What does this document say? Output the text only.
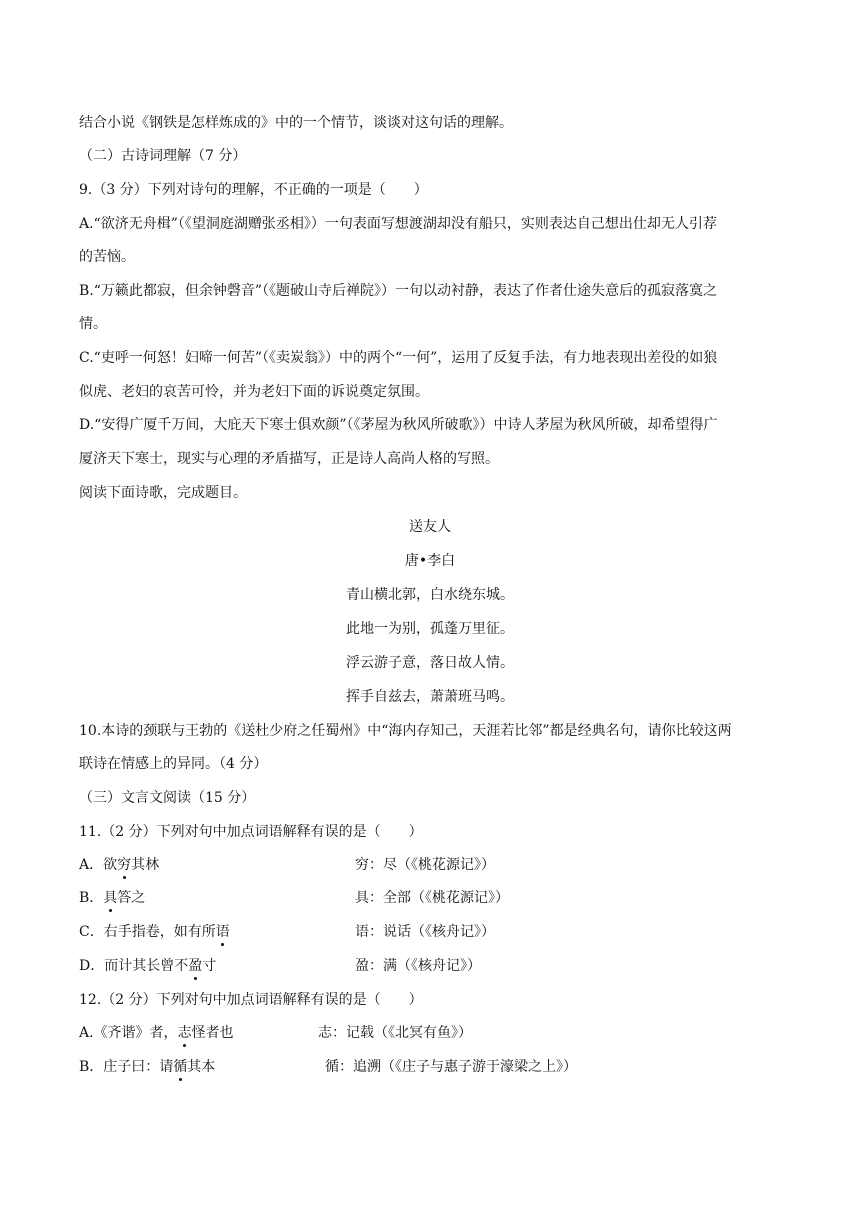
结合小说《钢铁是怎样炼成的》中的一个情节，谈谈对这句话的理解。
（二）古诗词理解（7 分）
9.（3 分）下列对诗句的理解，不正确的一项是（　　）
A.“欲济无舟楫”（《望洞庭湖赠张丞相》）一句表面写想渡湖却没有船只，实则表达自己想出仕却无人引荐
的苦恼。
B.“万籁此都寂，但余钟磬音”（《题破山寺后禅院》）一句以动衬静，表达了作者仕途失意后的孤寂落寞之
情。
C.“吏呼一何怒！妇啼一何苦”（《卖炭翁》）中的两个“一何”，运用了反复手法，有力地表现出差役的如狼
似虎、老妇的哀苦可怜，并为老妇下面的诉说奠定氛围。
D.“安得广厦千万间，大庇天下寒士俱欢颜”（《茅屋为秋风所破歌》）中诗人茅屋为秋风所破，却希望得广
厦济天下寒士，现实与心理的矛盾描写，正是诗人高尚人格的写照。
阅读下面诗歌，完成题目。
送友人
唐•李白
青山横北郭，白水绕东城。
此地一为别，孤蓬万里征。
浮云游子意，落日故人情。
挥手自兹去，萧萧班马鸣。
10.本诗的颈联与王勃的《送杜少府之任蜀州》中“海内存知己，天涯若比邻”都是经典名句，请你比较这两
联诗在情感上的异同。（4 分）
（三）文言文阅读（15 分）
11.（2 分）下列对句中加点词语解释有误的是（　　）
A．欲穷其林	穷：尽（《桃花源记》）
B．具答之	具：全部（《桃花源记》）
C．右手指卷，如有所语	语：说话（《核舟记》）
D．而计其长曾不盈寸	盈：满（《核舟记》）
12.（2 分）下列对句中加点词语解释有误的是（　　）
A.《齐谐》者，志怪者也	志：记载（《北冥有鱼》）
B．庄子曰：请循其本	循：追溯（《庄子与惠子游于濠梁之上》）
